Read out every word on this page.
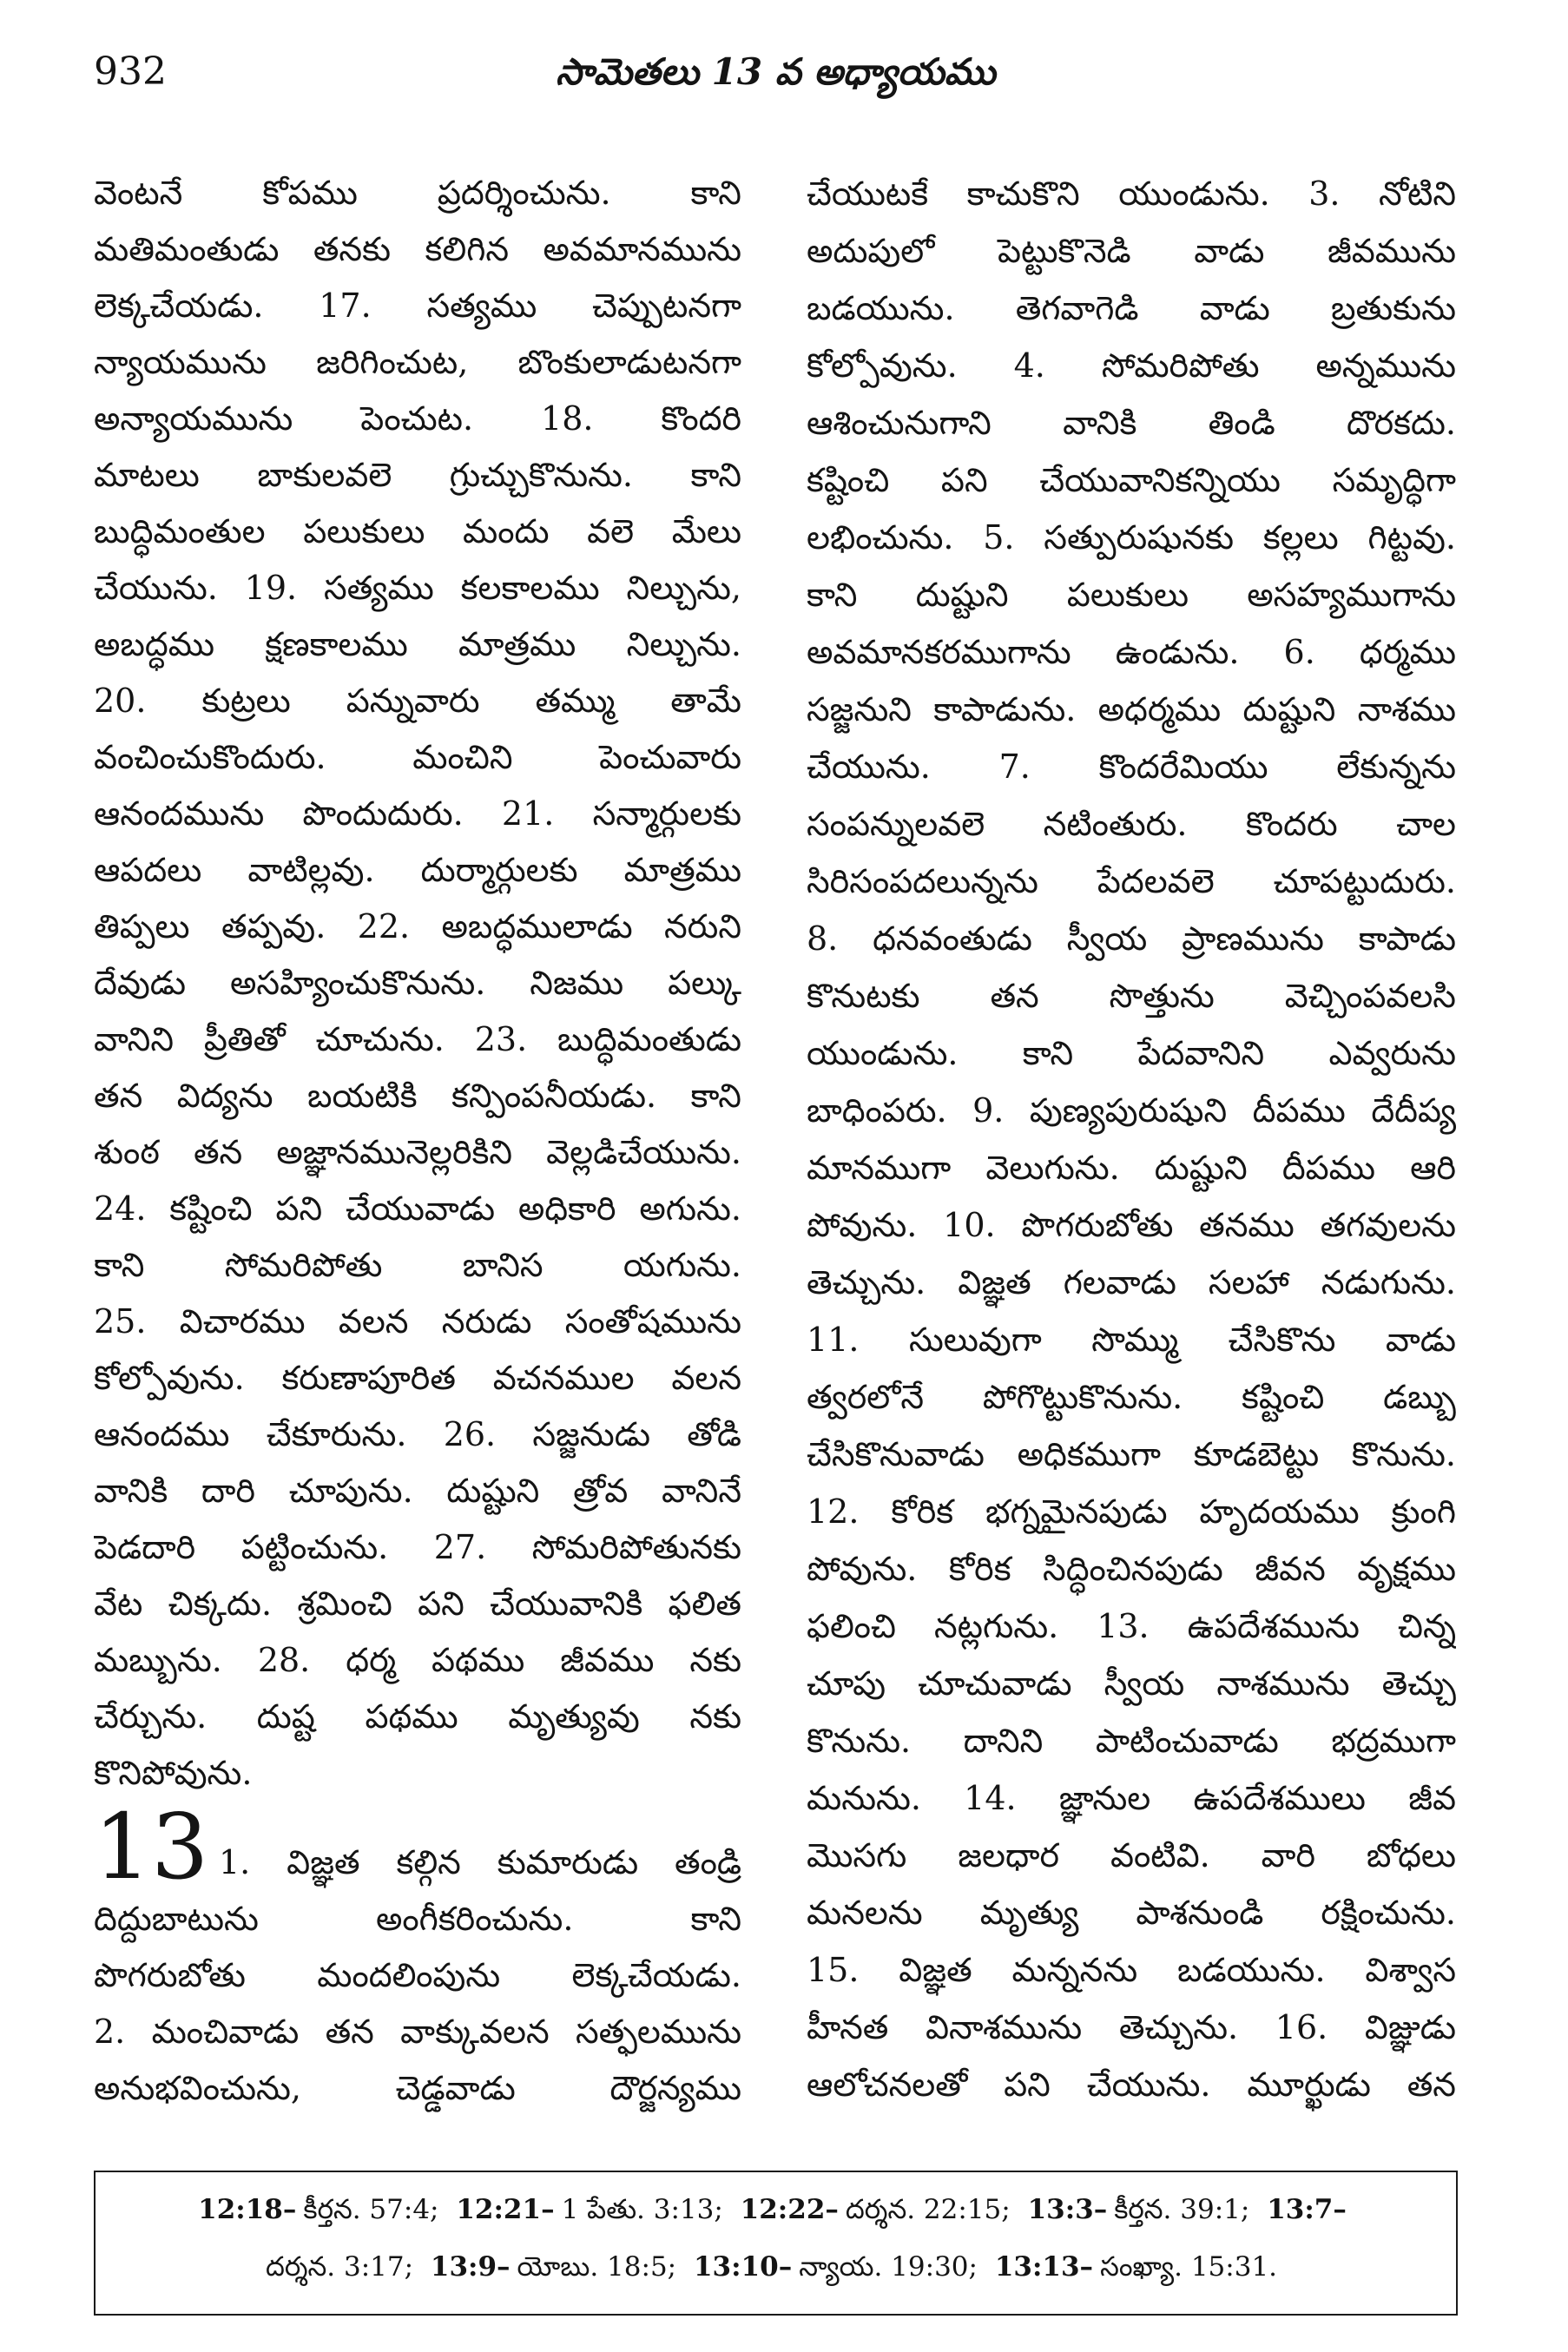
932	సామెతలు 13 వ అధ్యాయము
వెంటనే కోపము ప్రదర్శించును. కాని
మతిమంతుడు తనకు కలిగిన అవమానమును
లెక్కచేయడు. 17. సత్యము చెప్పుటనగా
న్యాయమును జరిగించుట, బొంకులాడుటనగా
అన్యాయమును పెంచుట. 18. కొందరి
మాటలు బాకులవలె గ్రుచ్చుకొనును. కాని
బుద్ధిమంతుల పలుకులు మందు వలె మేలు
చేయును. 19. సత్యము కలకాలము నిల్చును,
అబద్ధము క్షణకాలము మాత్రము నిల్చును.
20. కుట్రలు పన్నువారు తమ్ము తామే
వంచించుకొందురు. మంచిని పెంచువారు
ఆనందమును పొందుదురు. 21. సన్మార్గులకు
ఆపదలు వాటిల్లవు. దుర్మార్గులకు మాత్రము
తిప్పలు తప్పవు. 22. అబద్ధములాడు నరుని
దేవుడు అసహ్యించుకొనును. నిజము పల్కు
వానిని ప్రీతితో చూచును. 23. బుద్ధిమంతుడు
తన విద్యను బయటికి కన్పింపనీయడు. కాని
శుంఠ తన అజ్ఞానమునెల్లరికిని వెల్లడిచేయును.
24. కష్టించి పని చేయువాడు అధికారి అగును.
కాని సోమరిపోతు బానిస యగును.
25. విచారము వలన నరుడు సంతోషమును
కోల్పోవును. కరుణాపూరిత వచనముల వలన
ఆనందము చేకూరును. 26. సజ్జనుడు తోడి
వానికి దారి చూపును. దుష్టుని త్రోవ వానినే
పెడదారి పట్టించును. 27. సోమరిపోతునకు
వేట చిక్కదు. శ్రమించి పని చేయువానికి ఫలిత
మబ్బును. 28. ధర్మ పథము జీవము నకు
చేర్చును. దుష్ట పథము మృత్యువు నకు
కొనిపోవును.
13 1. విజ్ఞత కల్గిన కుమారుడు తండ్రి
దిద్దుబాటును అంగీకరించును. కాని
పొగరుబోతు మందలింపును లెక్కచేయడు.
2. మంచివాడు తన వాక్కువలన సత్ఫలమును
అనుభవించును, చెడ్డవాడు దౌర్జన్యము
చేయుటకే కాచుకొని యుండును. 3. నోటిని
అదుపులో పెట్టుకొనెడి వాడు జీవమును
బడయును. తెగవాగెడి వాడు బ్రతుకును
కోల్పోవును. 4. సోమరిపోతు అన్నమును
ఆశించునుగాని వానికి తిండి దొరకదు.
కష్టించి పని చేయువానికన్నియు సమృద్ధిగా
లభించును. 5. సత్పురుషునకు కల్లలు గిట్టవు.
కాని దుష్టుని పలుకులు అసహ్యముగాను
అవమానకరముగాను ఉండును. 6. ధర్మము
సజ్జనుని కాపాడును. అధర్మము దుష్టుని నాశము
చేయును. 7. కొందరేమియు లేకున్నను
సంపన్నులవలె నటింతురు. కొందరు చాల
సిరిసంపదలున్నను పేదలవలె చూపట్టుదురు.
8. ధనవంతుడు స్వీయ ప్రాణమును కాపాడు
కొనుటకు తన సొత్తును వెచ్చింపవలసి
యుండును. కాని పేదవానిని ఎవ్వరును
బాధింపరు. 9. పుణ్యపురుషుని దీపము దేదీప్య
మానముగా వెలుగును. దుష్టుని దీపము ఆరి
పోవును. 10. పొగరుబోతు తనము తగవులను
తెచ్చును. విజ్ఞత గలవాడు సలహా నడుగును.
11. సులువుగా సొమ్ము చేసికొను వాడు
త్వరలోనే పోగొట్టుకొనును. కష్టించి డబ్బు
చేసికొనువాడు అధికముగా కూడబెట్టు కొనును.
12. కోరిక భగ్నమైనపుడు హృదయము క్రుంగి
పోవును. కోరిక సిద్ధించినపుడు జీవన వృక్షము
ఫలించి నట్లగును. 13. ఉపదేశమును చిన్న
చూపు చూచువాడు స్వీయ నాశమును తెచ్చు
కొనును. దానిని పాటించువాడు భద్రముగా
మనును. 14. జ్ఞానుల ఉపదేశములు జీవ
మొసగు జలధార వంటివి. వారి బోధలు
మనలను మృత్యు పాశనుండి రక్షించును.
15. విజ్ఞత మన్ననను బడయును. విశ్వాస
హీనత వినాశమును తెచ్చును. 16. విజ్ఞుడు
ఆలోచనలతో పని చేయును. మూర్ఖుడు తన
12:18– కీర్తన. 57:4; 12:21– 1 పేతు. 3:13; 12:22– దర్శన. 22:15; 13:3– కీర్తన. 39:1; 13:7–
దర్శన. 3:17; 13:9– యోబు. 18:5; 13:10– న్యాయ. 19:30; 13:13– సంఖ్యా. 15:31.
